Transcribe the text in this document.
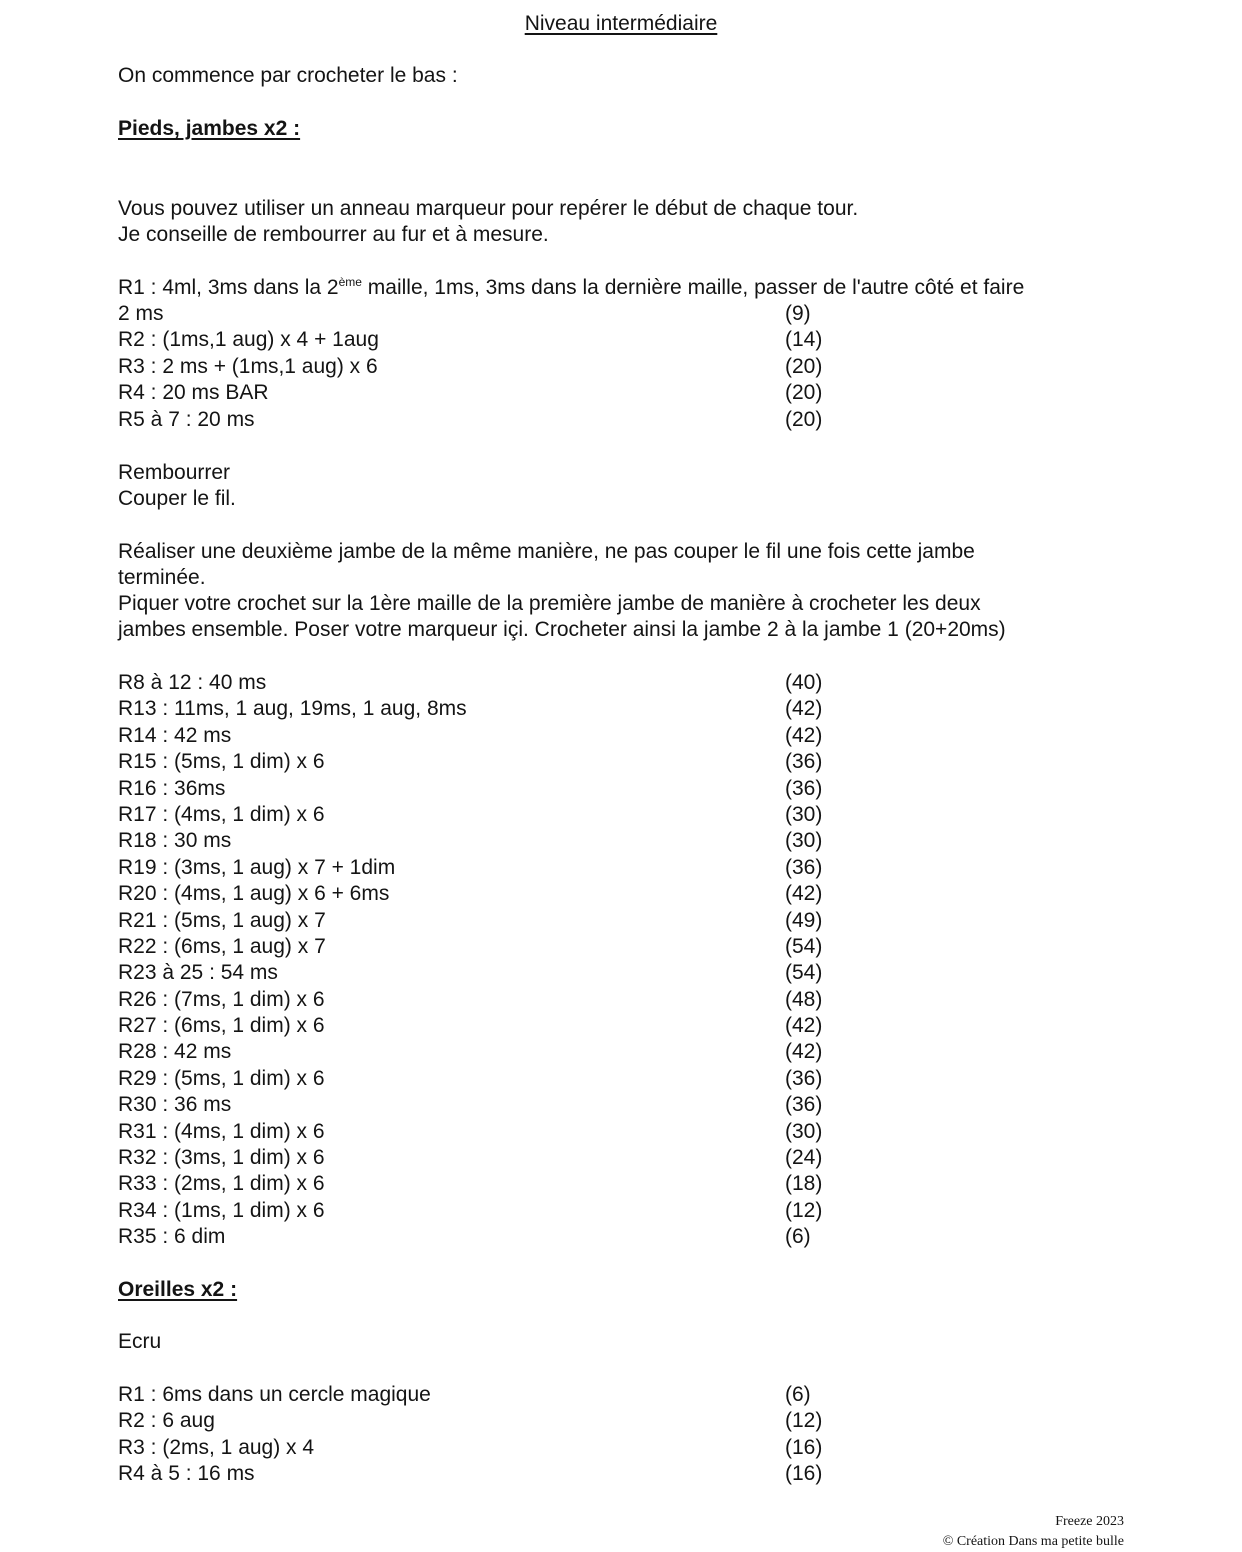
Niveau intermédiaire
On commence par crocheter le bas :
Pieds, jambes x2 :
Vous pouvez utiliser un anneau marqueur pour repérer le début de chaque tour.
Je conseille de rembourrer au fur et à mesure.
R1 : 4ml, 3ms dans la 2ème maille, 1ms, 3ms dans la dernière maille, passer de l'autre côté et faire
2 ms	(9)
R2 : (1ms,1 aug) x 4 + 1aug	(14)
R3 : 2 ms + (1ms,1 aug) x 6	(20)
R4 : 20 ms BAR	(20)
R5 à 7 : 20 ms	(20)
Rembourrer
Couper le fil.
Réaliser une deuxième jambe de la même manière, ne pas couper le fil une fois cette jambe
terminée.
Piquer votre crochet sur la 1ère maille de la première jambe de manière à crocheter les deux
jambes ensemble. Poser votre marqueur içi. Crocheter ainsi la jambe 2 à la jambe 1 (20+20ms)
R8 à 12 : 40 ms	(40)
R13 : 11ms, 1 aug, 19ms, 1 aug, 8ms	(42)
R14 : 42 ms	(42)
R15 : (5ms, 1 dim) x 6	(36)
R16 : 36ms	(36)
R17 : (4ms, 1 dim) x 6	(30)
R18 : 30 ms	(30)
R19 : (3ms, 1 aug) x 7 + 1dim	(36)
R20 : (4ms, 1 aug) x 6 + 6ms	(42)
R21 : (5ms, 1 aug) x 7	(49)
R22 : (6ms, 1 aug) x 7	(54)
R23 à 25 : 54 ms	(54)
R26 : (7ms, 1 dim) x 6	(48)
R27 : (6ms, 1 dim) x 6	(42)
R28 : 42 ms	(42)
R29 : (5ms, 1 dim) x 6	(36)
R30 : 36 ms	(36)
R31 : (4ms, 1 dim) x 6	(30)
R32 : (3ms, 1 dim) x 6	(24)
R33 : (2ms, 1 dim) x 6	(18)
R34 : (1ms, 1 dim) x 6	(12)
R35 : 6 dim	(6)
Oreilles x2 :
Ecru
R1 : 6ms dans un cercle magique	(6)
R2 : 6 aug	(12)
R3 : (2ms, 1 aug) x 4	(16)
R4 à 5 : 16 ms	(16)
Freeze 2023
© Création Dans ma petite bulle
